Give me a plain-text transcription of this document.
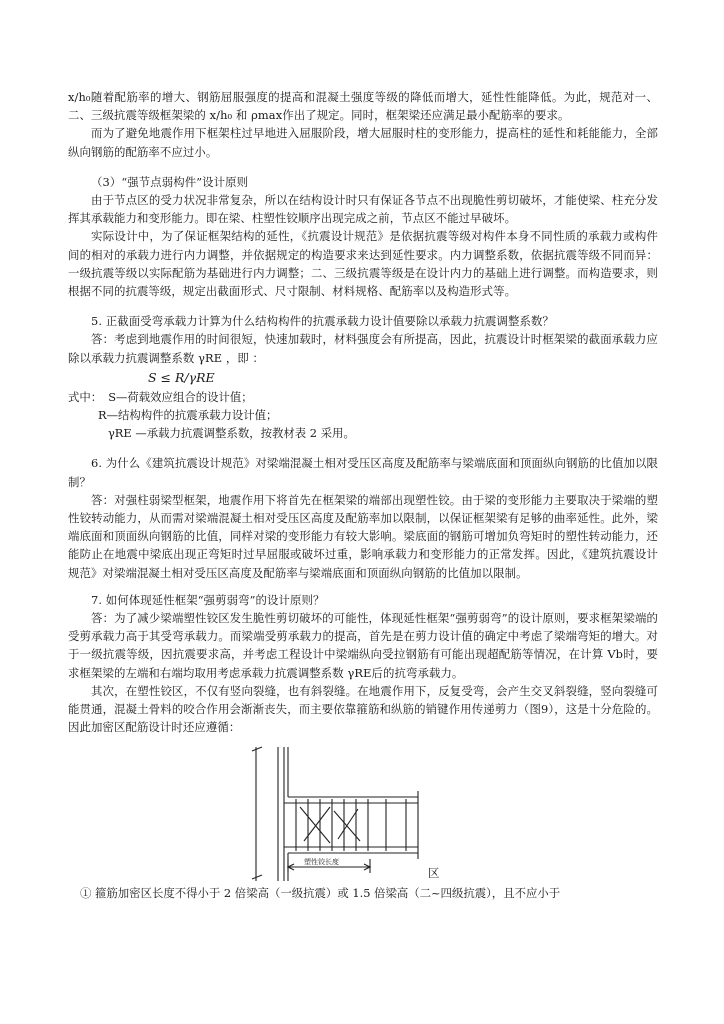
x/h₀随着配筋率的增大、钢筋屈服强度的提高和混凝土强度等级的降低而增大，延性性能降低。为此，规范对一、二、三级抗震等级框架梁的 x/h₀ 和 ρmax作出了规定。同时，框架梁还应满足最小配筋率的要求。

而为了避免地震作用下框架柱过早地进入屈服阶段，增大屈服时柱的变形能力，提高柱的延性和耗能能力，全部纵向钢筋的配筋率不应过小。

（3）“强节点弱构件”设计原则

由于节点区的受力状况非常复杂，所以在结构设计时只有保证各节点不出现脆性剪切破坏，才能使梁、柱充分发挥其承载能力和变形能力。即在梁、柱塑性铰顺序出现完成之前，节点区不能过早破坏。

实际设计中，为了保证框架结构的延性，《抗震设计规范》是依据抗震等级对构件本身不同性质的承载力或构件间的相对的承载力进行内力调整，并依据规定的构造要求来达到延性要求。内力调整系数，依据抗震等级不同而异：一级抗震等级以实际配筋为基础进行内力调整；二、三级抗震等级是在设计内力的基础上进行调整。而构造要求，则根据不同的抗震等级，规定出截面形式、尺寸限制、材料规格、配筋率以及构造形式等。

5. 正截面受弯承载力计算为什么结构构件的抗震承载力设计值要除以承载力抗震调整系数？

答：考虑到地震作用的时间很短，快速加载时，材料强度会有所提高，因此，抗震设计时框架梁的截面承载力应除以承载力抗震调整系数 γRE ，即 ：

S ≤ R/γRE
式中： S—荷载效应组合的设计值；
R—结构构件的抗震承载力设计值；
γRE —承载力抗震调整系数，按教材表 2 采用。

6. 为什么《建筑抗震设计规范》对梁端混凝土相对受压区高度及配筋率与梁端底面和顶面纵向钢筋的比值加以限制？

答：对强柱弱梁型框架，地震作用下将首先在框架梁的端部出现塑性铰。由于梁的变形能力主要取决于梁端的塑性铰转动能力，从而需对梁端混凝土相对受压区高度及配筋率加以限制，以保证框架梁有足够的曲率延性。此外，梁端底面和顶面纵向钢筋的比值，同样对梁的变形能力有较大影响。梁底面的钢筋可增加负弯矩时的塑性转动能力，还能防止在地震中梁底出现正弯矩时过早屈服或破坏过重，影响承载力和变形能力的正常发挥。因此，《建筑抗震设计规范》对梁端混凝土相对受压区高度及配筋率与梁端底面和顶面纵向钢筋的比值加以限制。

7. 如何体现延性框架“强剪弱弯”的设计原则？

答：为了减少梁端塑性铰区发生脆性剪切破坏的可能性，体现延性框架“强剪弱弯”的设计原则，要求框架梁端的受剪承载力高于其受弯承载力。而梁端受剪承载力的提高，首先是在剪力设计值的确定中考虑了梁端弯矩的增大。对于一级抗震等级，因抗震要求高，并考虑工程设计中梁端纵向受拉钢筋有可能出现超配筋等情况，在计算 Vb时，要求框架梁的左端和右端均取用考虑承载力抗震调整系数 γRE后的抗弯承载力。

其次，在塑性铰区，不仅有竖向裂缝，也有斜裂缝。在地震作用下，反复受弯，会产生交叉斜裂缝，竖向裂缝可能贯通，混凝土骨料的咬合作用会渐渐丧失，而主要依靠箍筋和纵筋的销键作用传递剪力（图9），这是十分危险的。因此加密区配筋设计时还应遵循：

塑性铰长度
区
① 箍筋加密区长度不得小于 2 倍梁高（一级抗震）或 1.5 倍梁高（二~四级抗震），且不应小于
